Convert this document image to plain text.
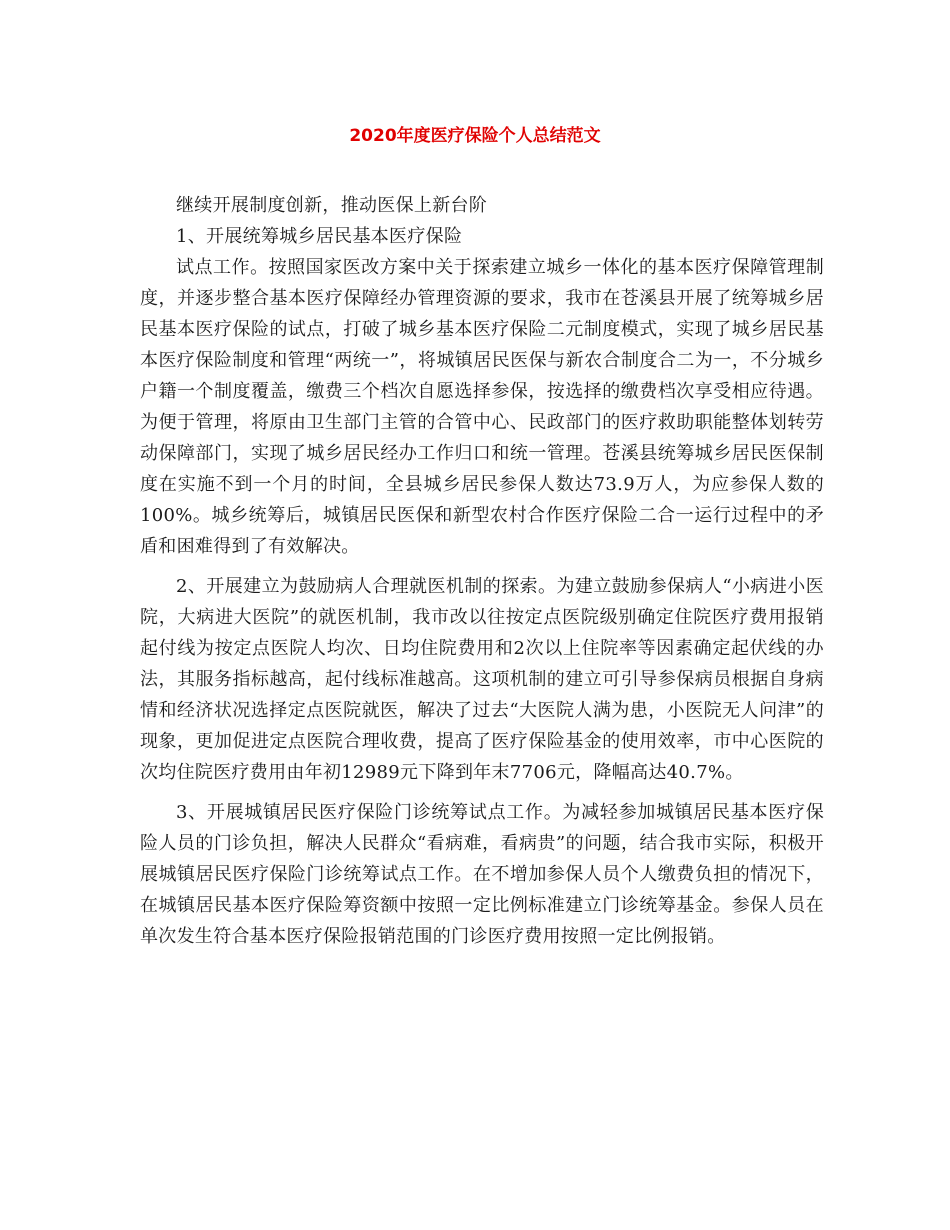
2020年度医疗保险个人总结范文

继续开展制度创新，推动医保上新台阶

1、开展统筹城乡居民基本医疗保险

试点工作。按照国家医改方案中关于探索建立城乡一体化的基本医疗保障管理制度，并逐步整合基本医疗保障经办管理资源的要求，我市在苍溪县开展了统筹城乡居民基本医疗保险的试点，打破了城乡基本医疗保险二元制度模式，实现了城乡居民基本医疗保险制度和管理“两统一”，将城镇居民医保与新农合制度合二为一，不分城乡户籍一个制度覆盖，缴费三个档次自愿选择参保，按选择的缴费档次享受相应待遇。为便于管理，将原由卫生部门主管的合管中心、民政部门的医疗救助职能整体划转劳动保障部门，实现了城乡居民经办工作归口和统一管理。苍溪县统筹城乡居民医保制度在实施不到一个月的时间，全县城乡居民参保人数达73.9万人，为应参保人数的100%。城乡统筹后，城镇居民医保和新型农村合作医疗保险二合一运行过程中的矛盾和困难得到了有效解决。

2、开展建立为鼓励病人合理就医机制的探索。为建立鼓励参保病人“小病进小医院，大病进大医院”的就医机制，我市改以往按定点医院级别确定住院医疗费用报销起付线为按定点医院人均次、日均住院费用和2次以上住院率等因素确定起伏线的办法，其服务指标越高，起付线标准越高。这项机制的建立可引导参保病员根据自身病情和经济状况选择定点医院就医，解决了过去“大医院人满为患，小医院无人问津”的现象，更加促进定点医院合理收费，提高了医疗保险基金的使用效率，市中心医院的次均住院医疗费用由年初12989元下降到年末7706元，降幅高达40.7%。

3、开展城镇居民医疗保险门诊统筹试点工作。为减轻参加城镇居民基本医疗保险人员的门诊负担，解决人民群众“看病难，看病贵”的问题，结合我市实际，积极开展城镇居民医疗保险门诊统筹试点工作。在不增加参保人员个人缴费负担的情况下，在城镇居民基本医疗保险筹资额中按照一定比例标准建立门诊统筹基金。参保人员在单次发生符合基本医疗保险报销范围的门诊医疗费用按照一定比例报销。
